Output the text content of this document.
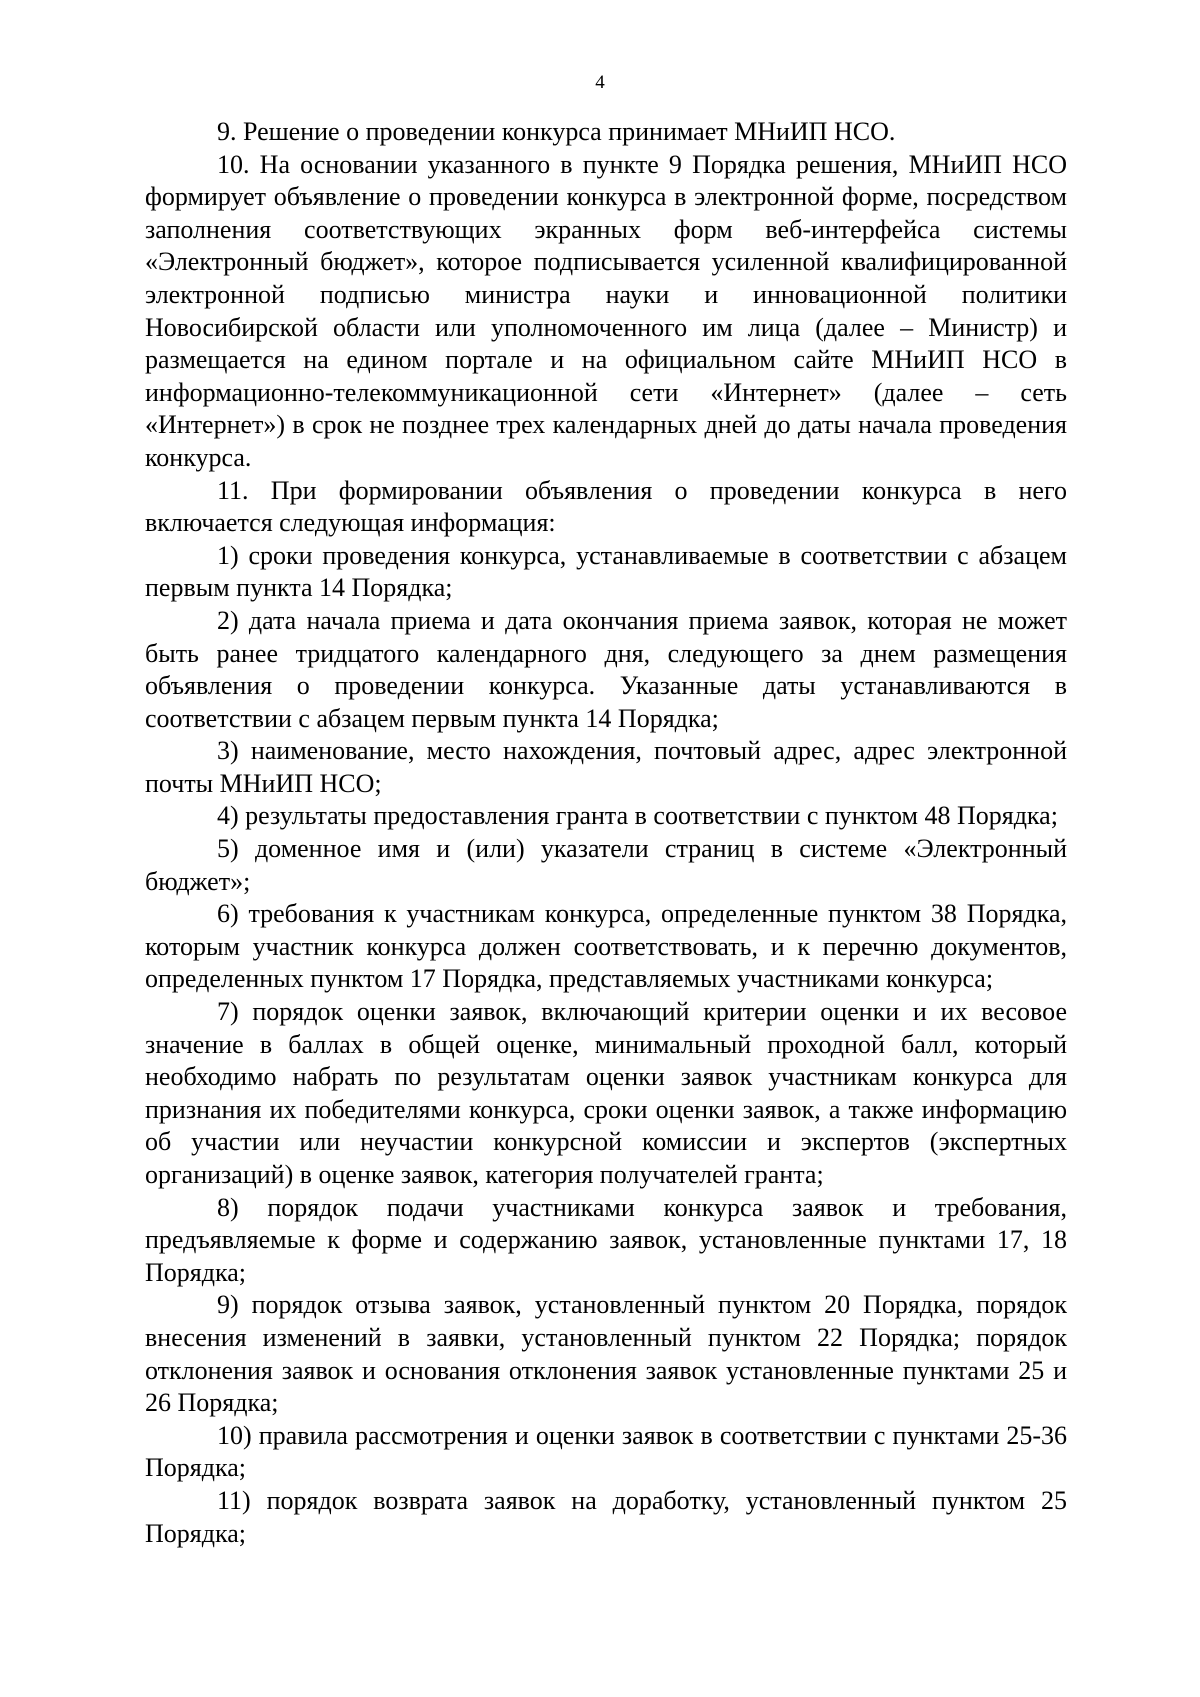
4

9. Решение о проведении конкурса принимает МНиИП НСО.

10. На основании указанного в пункте 9 Порядка решения, МНиИП НСО формирует объявление о проведении конкурса в электронной форме, посредством заполнения соответствующих экранных форм веб-интерфейса системы «Электронный бюджет», которое подписывается усиленной квалифицированной электронной подписью министра науки и инновационной политики Новосибирской области или уполномоченного им лица (далее – Министр) и размещается на едином портале и на официальном сайте МНиИП НСО в информационно-телекоммуникационной сети «Интернет» (далее – сеть «Интернет») в срок не позднее трех календарных дней до даты начала проведения конкурса.

11. При формировании объявления о проведении конкурса в него включается следующая информация:

1) сроки проведения конкурса, устанавливаемые в соответствии с абзацем первым пункта 14 Порядка;

2) дата начала приема и дата окончания приема заявок, которая не может быть ранее тридцатого календарного дня, следующего за днем размещения объявления о проведении конкурса. Указанные даты устанавливаются в соответствии с абзацем первым пункта 14 Порядка;

3) наименование, место нахождения, почтовый адрес, адрес электронной почты МНиИП НСО;

4) результаты предоставления гранта в соответствии с пунктом 48 Порядка;

5) доменное имя и (или) указатели страниц в системе «Электронный бюджет»;

6) требования к участникам конкурса, определенные пунктом 38 Порядка, которым участник конкурса должен соответствовать, и к перечню документов, определенных пунктом 17 Порядка, представляемых участниками конкурса;

7) порядок оценки заявок, включающий критерии оценки и их весовое значение в баллах в общей оценке, минимальный проходной балл, который необходимо набрать по результатам оценки заявок участникам конкурса для признания их победителями конкурса, сроки оценки заявок, а также информацию об участии или неучастии конкурсной комиссии и экспертов (экспертных организаций) в оценке заявок, категория получателей гранта;

8) порядок подачи участниками конкурса заявок и требования, предъявляемые к форме и содержанию заявок, установленные пунктами 17, 18 Порядка;

9) порядок отзыва заявок, установленный пунктом 20 Порядка, порядок внесения изменений в заявки, установленный пунктом 22 Порядка; порядок отклонения заявок и основания отклонения заявок установленные пунктами 25 и 26 Порядка;

10) правила рассмотрения и оценки заявок в соответствии с пунктами 25-36 Порядка;

11) порядок возврата заявок на доработку, установленный пунктом 25 Порядка;
